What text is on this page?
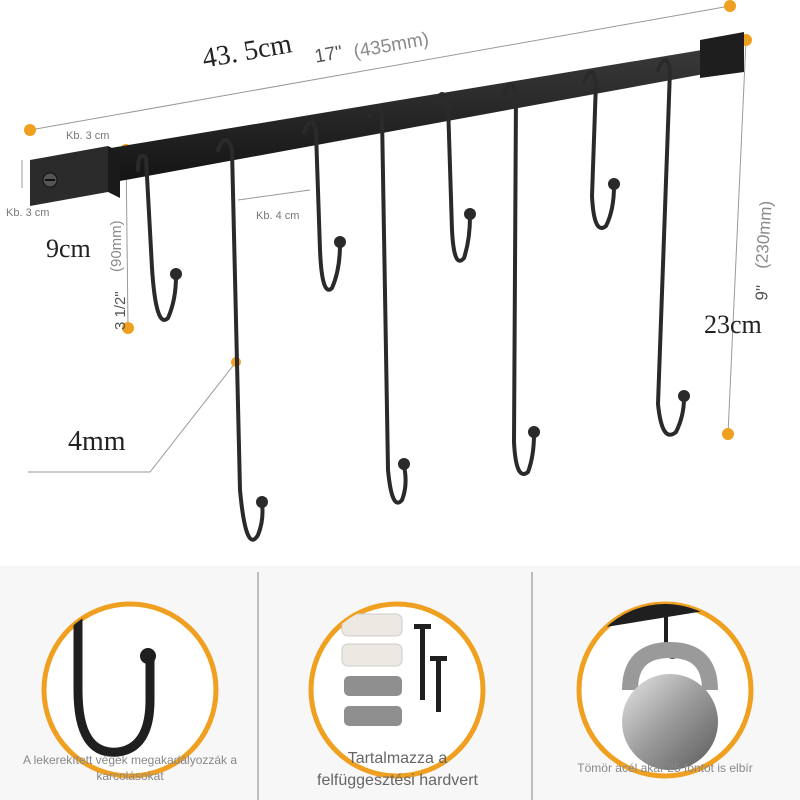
43. 5cm 17" (435mm)
Kb. 3 cm
Kb. 3 cm	Kb. 4 cm
9cm
3 1/2"
(90mm)
23cm
9"
(230mm)
4mm
A lekerekített végek megakadályozzák a karcolásokat
Tartalmazza a felfüggesztési hardvert
Tömör acél akár 25 fontot is elbír
